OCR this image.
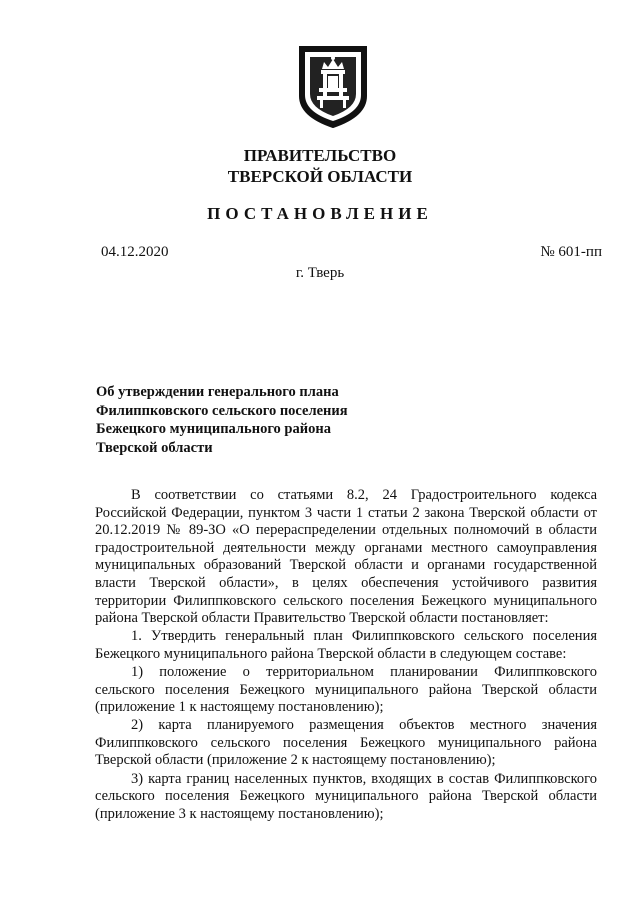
ПРАВИТЕЛЬСТВО
ТВЕРСКОЙ ОБЛАСТИ
ПОСТАНОВЛЕНИЕ
04.12.2020	№ 601-пп
г. Тверь
Об утверждении генерального плана
Филиппковского сельского поселения
Бежецкого муниципального района
Тверской области

В соответствии со статьями 8.2, 24 Градостроительного кодекса Российской Федерации, пунктом 3 части 1 статьи 2 закона Тверской области от 20.12.2019 № 89-ЗО «О перераспределении отдельных полномочий в области градостроительной деятельности между органами местного самоуправления муниципальных образований Тверской области и органами государственной власти Тверской области», в целях обеспечения устойчивого развития территории Филиппковского сельского поселения Бежецкого муниципального района Тверской области Правительство Тверской области постановляет:

1. Утвердить генеральный план Филиппковского сельского поселения Бежецкого муниципального района Тверской области в следующем составе:

1) положение о территориальном планировании Филиппковского сельского поселения Бежецкого муниципального района Тверской области (приложение 1 к настоящему постановлению);

2) карта планируемого размещения объектов местного значения Филиппковского сельского поселения Бежецкого муниципального района Тверской области (приложение 2 к настоящему постановлению);

3) карта границ населенных пунктов, входящих в состав Филиппковского сельского поселения Бежецкого муниципального района Тверской области (приложение 3 к настоящему постановлению);
